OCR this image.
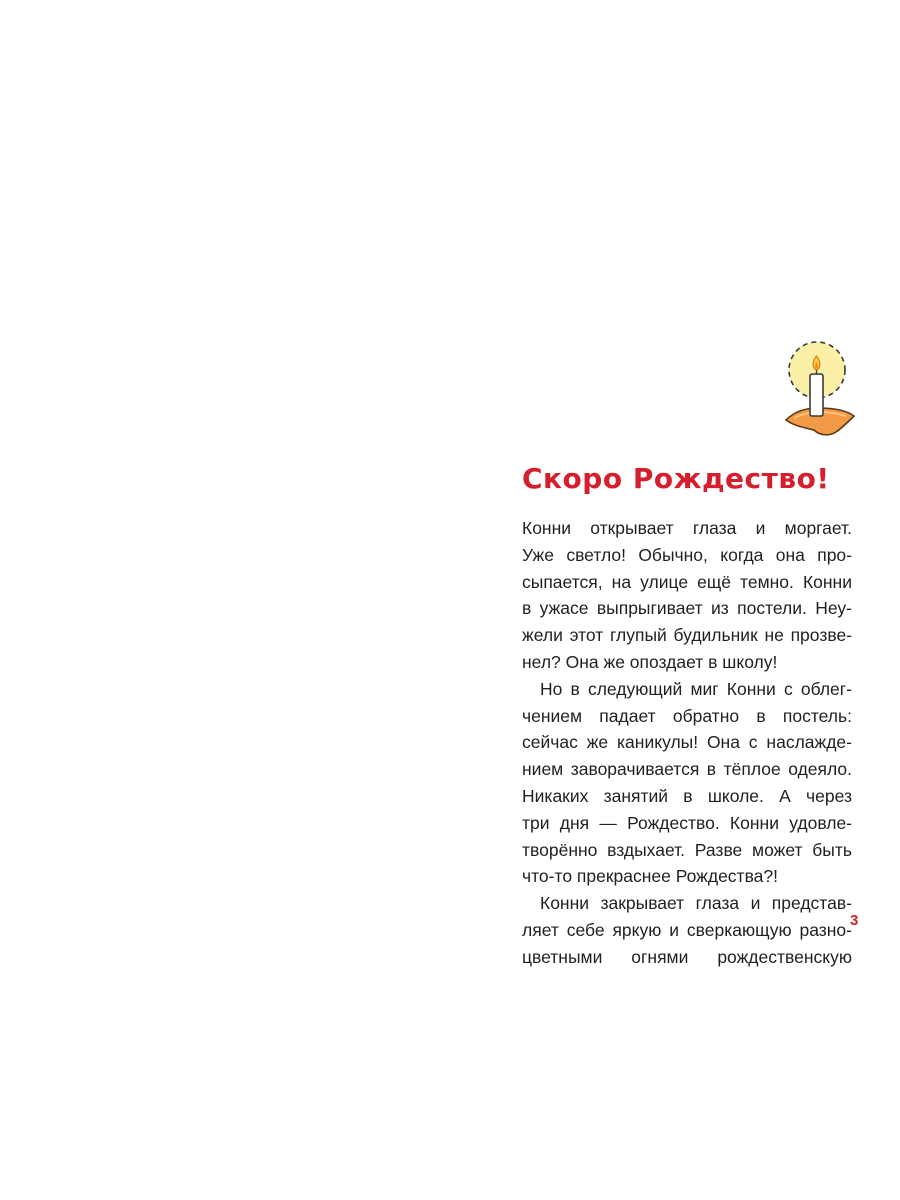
Скоро Рождество!
Конни открывает глаза и моргает.
Уже светло! Обычно, когда она про-
сыпается, на улице ещё темно. Конни
в ужасе выпрыгивает из постели. Неу-
жели этот глупый будильник не прозве-
нел? Она же опоздает в школу!
Но в следующий миг Конни с облег-
чением падает обратно в постель:
сейчас же каникулы! Она с наслажде-
нием заворачивается в тёплое одеяло.
Никаких занятий в школе. А через
три дня — Рождество. Конни удовле-
творённо вздыхает. Разве может быть
что-то прекраснее Рождества?!
Конни закрывает глаза и представ-
ляет себе яркую и сверкающую разно-
цветными огнями рождественскую
3
